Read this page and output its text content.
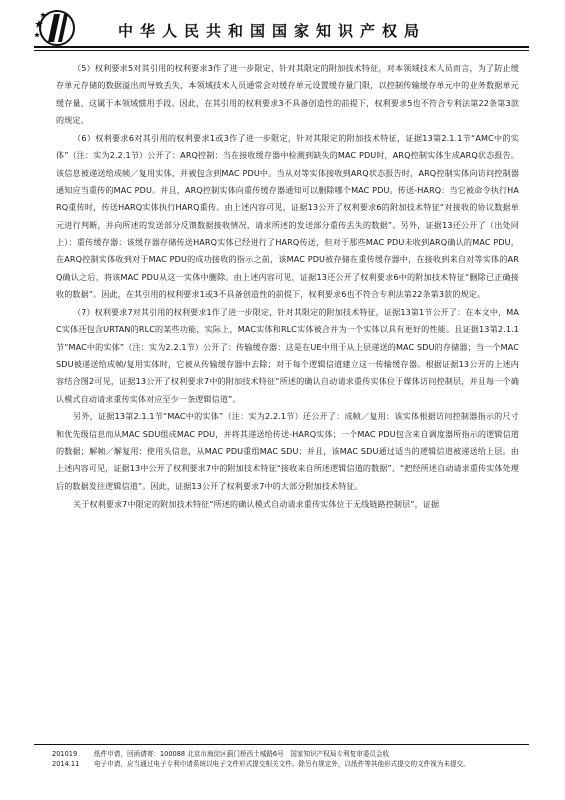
中华人民共和国国家知识产权局

（5）权利要求5对其引用的权利要求3作了进一步限定，针对其限定的附加技术特征，对本领域技术人员而言，为了防止缓存单元存储的数据溢出而导致丢失，本领域技术人员通常会对缓存单元设置缓存量门限，以控制传输缓存单元中的业务数据单元缓存量，这属于本领域惯用手段。因此，在其引用的权利要求3不具备创造性的前提下，权利要求5也不符合专利法第22条第3款的规定。

（6）权利要求6对其引用的权利要求1或3作了进一步限定，针对其限定的附加技术特征，证据13第2.1.1节“AMC中的实体”（注：实为2.2.1节）公开了：ARQ控制：当在接收缓存器中检测到缺失的MAC PDU时，ARQ控制实体生成ARQ状态报告。该信息被递送给成帧／复用实体，并被包含到MAC PDU中。当从对等实体接收到ARQ状态报告时，ARQ控制实体向访问控制器通知应当重传的MAC PDU。并且，ARQ控制实体向重传缓存器通知可以删除哪个MAC PDU。传送-HARQ：当它被命令执行HARQ重传时，传送HARQ实体执行HARQ重传。由上述内容可见，证据13公开了权利要求6的附加技术特征“对接收的协议数据单元进行判断，并向所述的发送部分反馈数据接收情况，请求所述的发送部分重传丢失的数据”。另外，证据13还公开了（出处同上）：重传缓存器：该缓存器存储传送HARQ实体已经进行了HARQ传送，但对于那些MAC PDU未收到ARQ确认的MAC PDU，在ARQ控制实体收到对于MAC PDU的成功接收的指示之前，该MAC PDU被存储在重传缓存器中，在接收到来自对等实体的ARQ确认之后，将该MAC PDU从这一实体中删除。由上述内容可见，证据13还公开了权利要求6中的附加技术特征“删除已正确接收的数据”。因此，在其引用的权利要求1或3不具备创造性的前提下，权利要求6也不符合专利法第22条第3款的规定。

（7）权利要求7对其引用的权利要求1作了进一步限定，针对其限定的附加技术特征，证据13第1节公开了：在本文中，MAC实体还包含URTAN的RLC的某些功能，实际上，MAC实体和RLC实体被合并为一个实体以具有更好的性能。且证据13第2.1.1节“MAC中的实体”（注：实为2.2.1节）公开了：传输缓存器：这是在UE中用于从上层递送的MAC SDU的存储器；当一个MAC SDU被递送给成帧/复用实体时，它被从传输缓存器中去除；对于每个逻辑信道建立这一传输缓存器。根据证据13公开的上述内容结合图2可见，证据13公开了权利要求7中的附加技术特征“所述的确认自动请求重传实体位于媒体访问控制层，并且每一个确认模式自动请求重传实体对应至少一条逻辑信道”。

另外，证据13第2.1.1节“MAC中的实体”（注：实为2.2.1节）还公开了：成帧／复用：该实体根据访问控制器指示的尺寸和优先级信息而从MAC SDU组成MAC PDU，并将其递送给传送-HARQ实体；一个MAC PDU包含来自调度器所指示的逻辑信道的数据；解帧／解复用：使用头信息，从MAC PDU重组MAC SDU；并且，该MAC SDU通过适当的逻辑信道被递送给上层。由上述内容可见，证据13中公开了权利要求7中的附加技术特征“接收来自所述逻辑信道的数据”、“把经所述自动请求重传实体处理后的数据发往逻辑信道”。因此，证据13公开了权利要求7中的大部分附加技术特征。

关于权利要求7中限定的附加技术特征“所述的确认模式自动请求重传实体位于无线链路控制层”，证据

201019	纸件申请，回函请寄：100088 北京市海淀区蓟门桥西土城路6号　国家知识产权局专利复审委员会收
2014.11	电子申请，应当通过电子专利申请系统以电子文件形式提交相关文件。除另有规定外，以纸件等其他形式提交的文件视为未提交。
